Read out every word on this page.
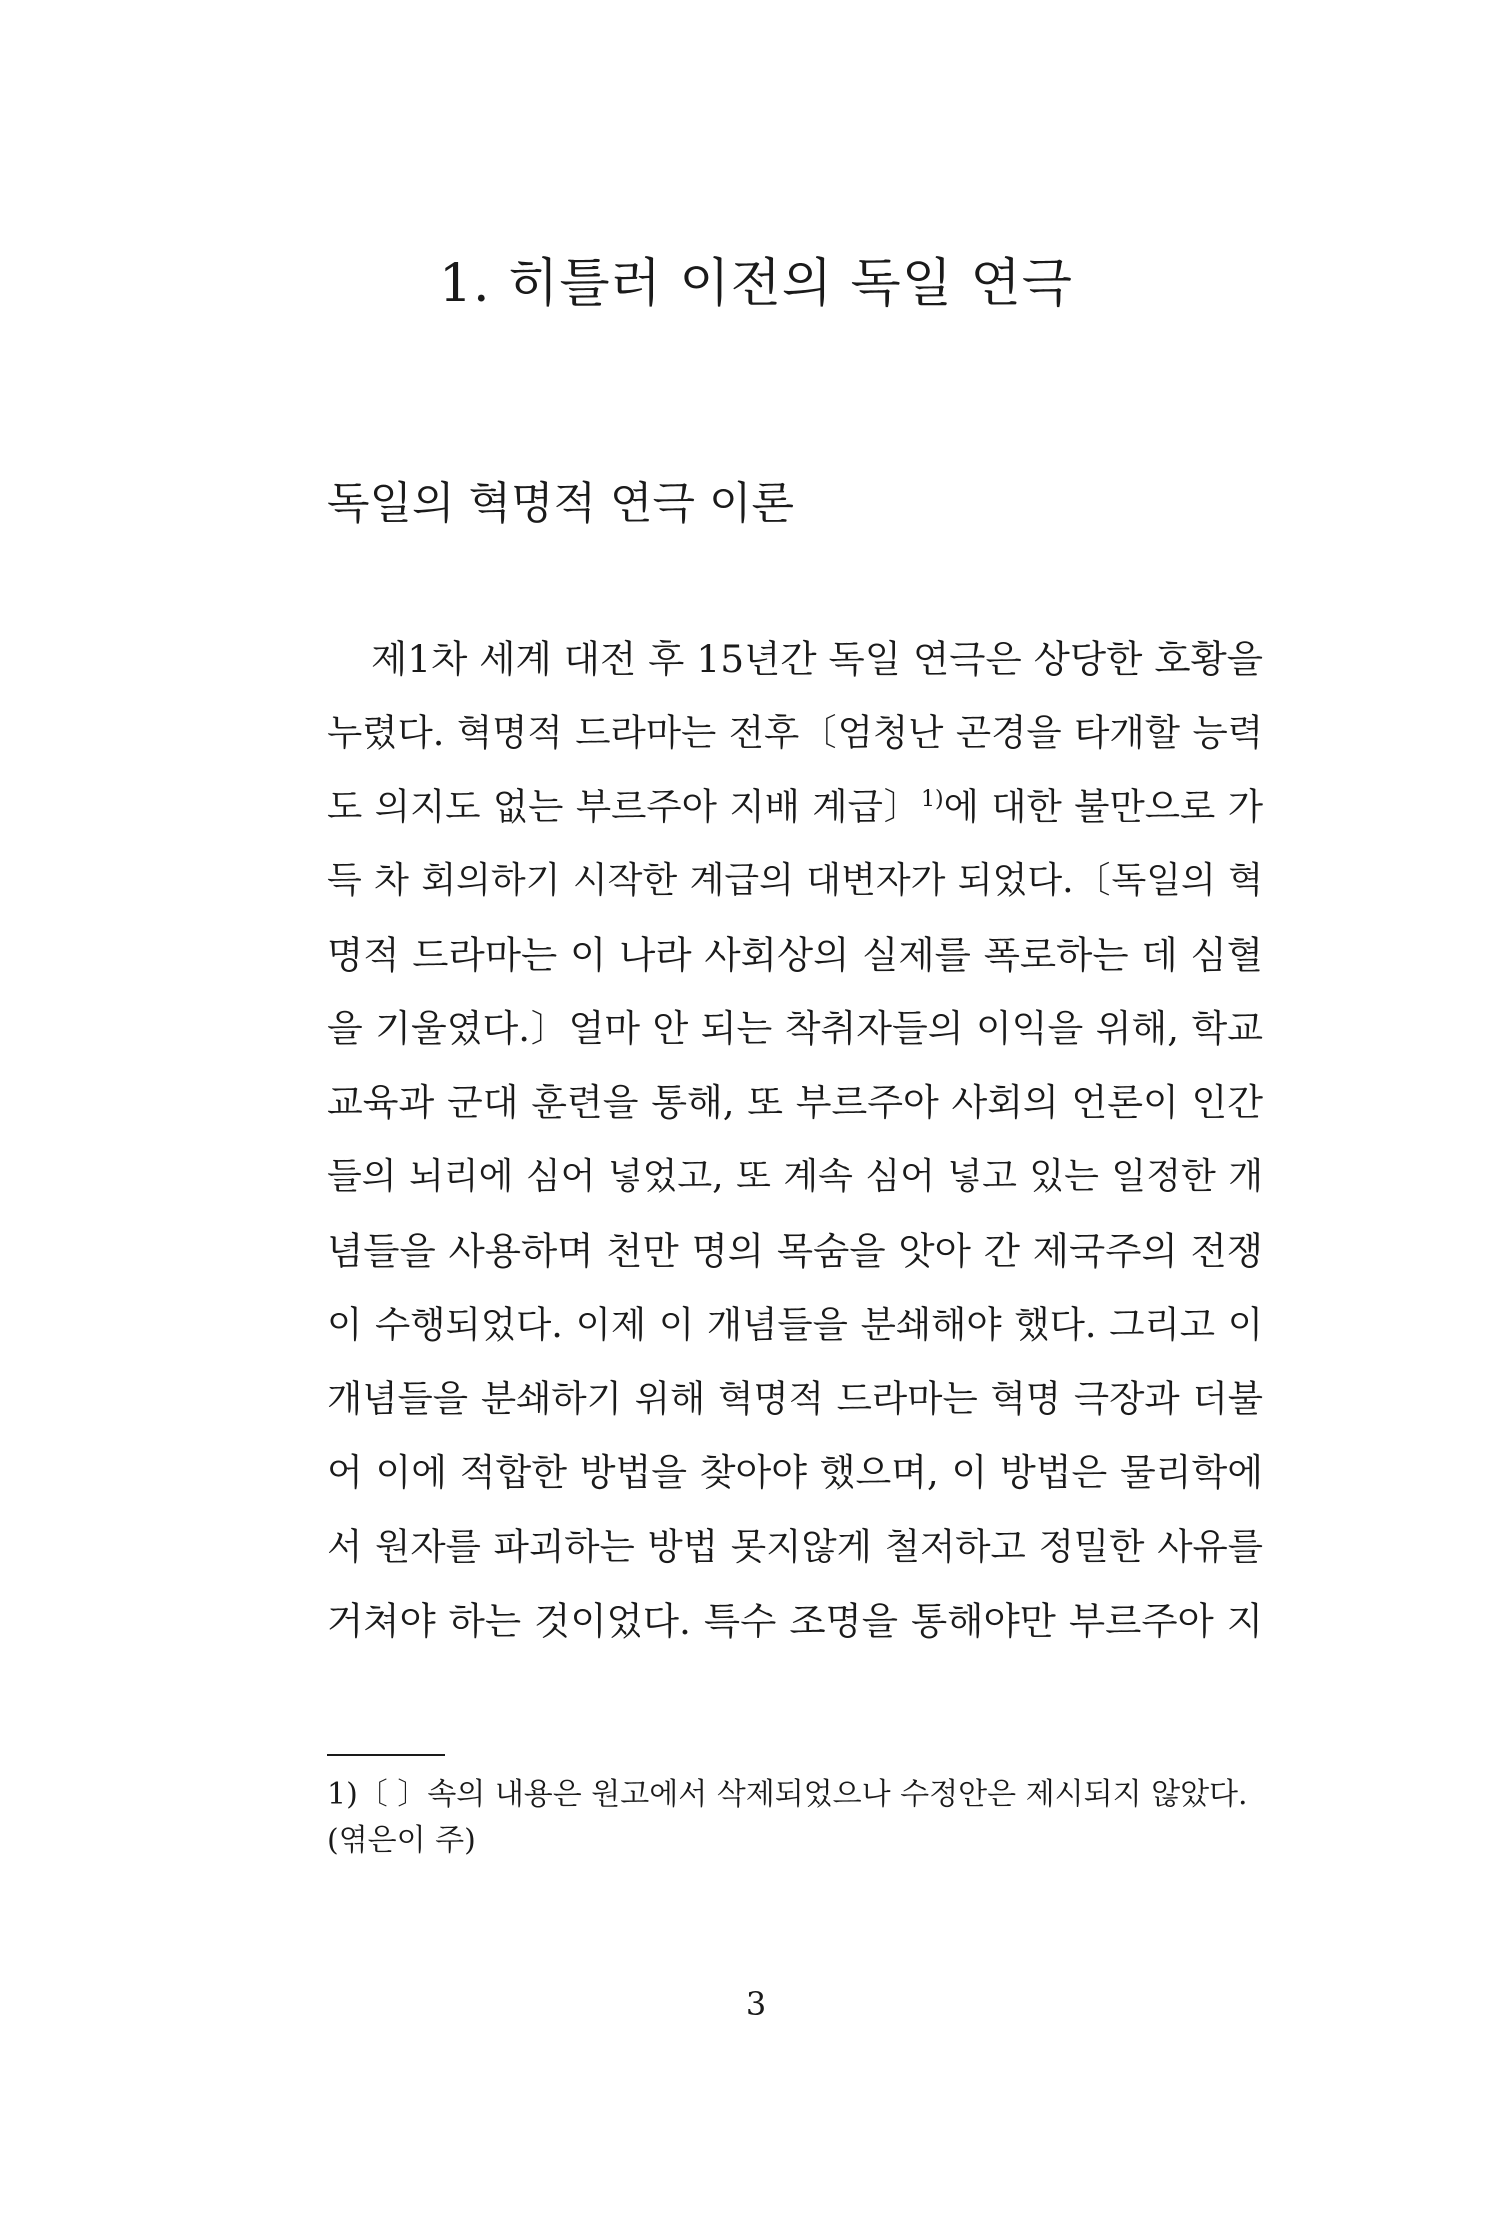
1. 히틀러 이전의 독일 연극
독일의 혁명적 연극 이론
제1차 세계 대전 후 15년간 독일 연극은 상당한 호황을
누렸다. 혁명적 드라마는 전후〔엄청난 곤경을 타개할 능력
도 의지도 없는 부르주아 지배 계급〕$^{1)}$에 대한 불만으로 가
득 차 회의하기 시작한 계급의 대변자가 되었다.〔독일의 혁
명적 드라마는 이 나라 사회상의 실제를 폭로하는 데 심혈
을 기울였다.〕얼마 안 되는 착취자들의 이익을 위해, 학교
교육과 군대 훈련을 통해, 또 부르주아 사회의 언론이 인간
들의 뇌리에 심어 넣었고, 또 계속 심어 넣고 있는 일정한 개
념들을 사용하며 천만 명의 목숨을 앗아 간 제국주의 전쟁
이 수행되었다. 이제 이 개념들을 분쇄해야 했다. 그리고 이
개념들을 분쇄하기 위해 혁명적 드라마는 혁명 극장과 더불
어 이에 적합한 방법을 찾아야 했으며, 이 방법은 물리학에
서 원자를 파괴하는 방법 못지않게 철저하고 정밀한 사유를
거쳐야 하는 것이었다. 특수 조명을 통해야만 부르주아 지
1)〔 〕속의 내용은 원고에서 삭제되었으나 수정안은 제시되지 않았다.
(엮은이 주)

3
